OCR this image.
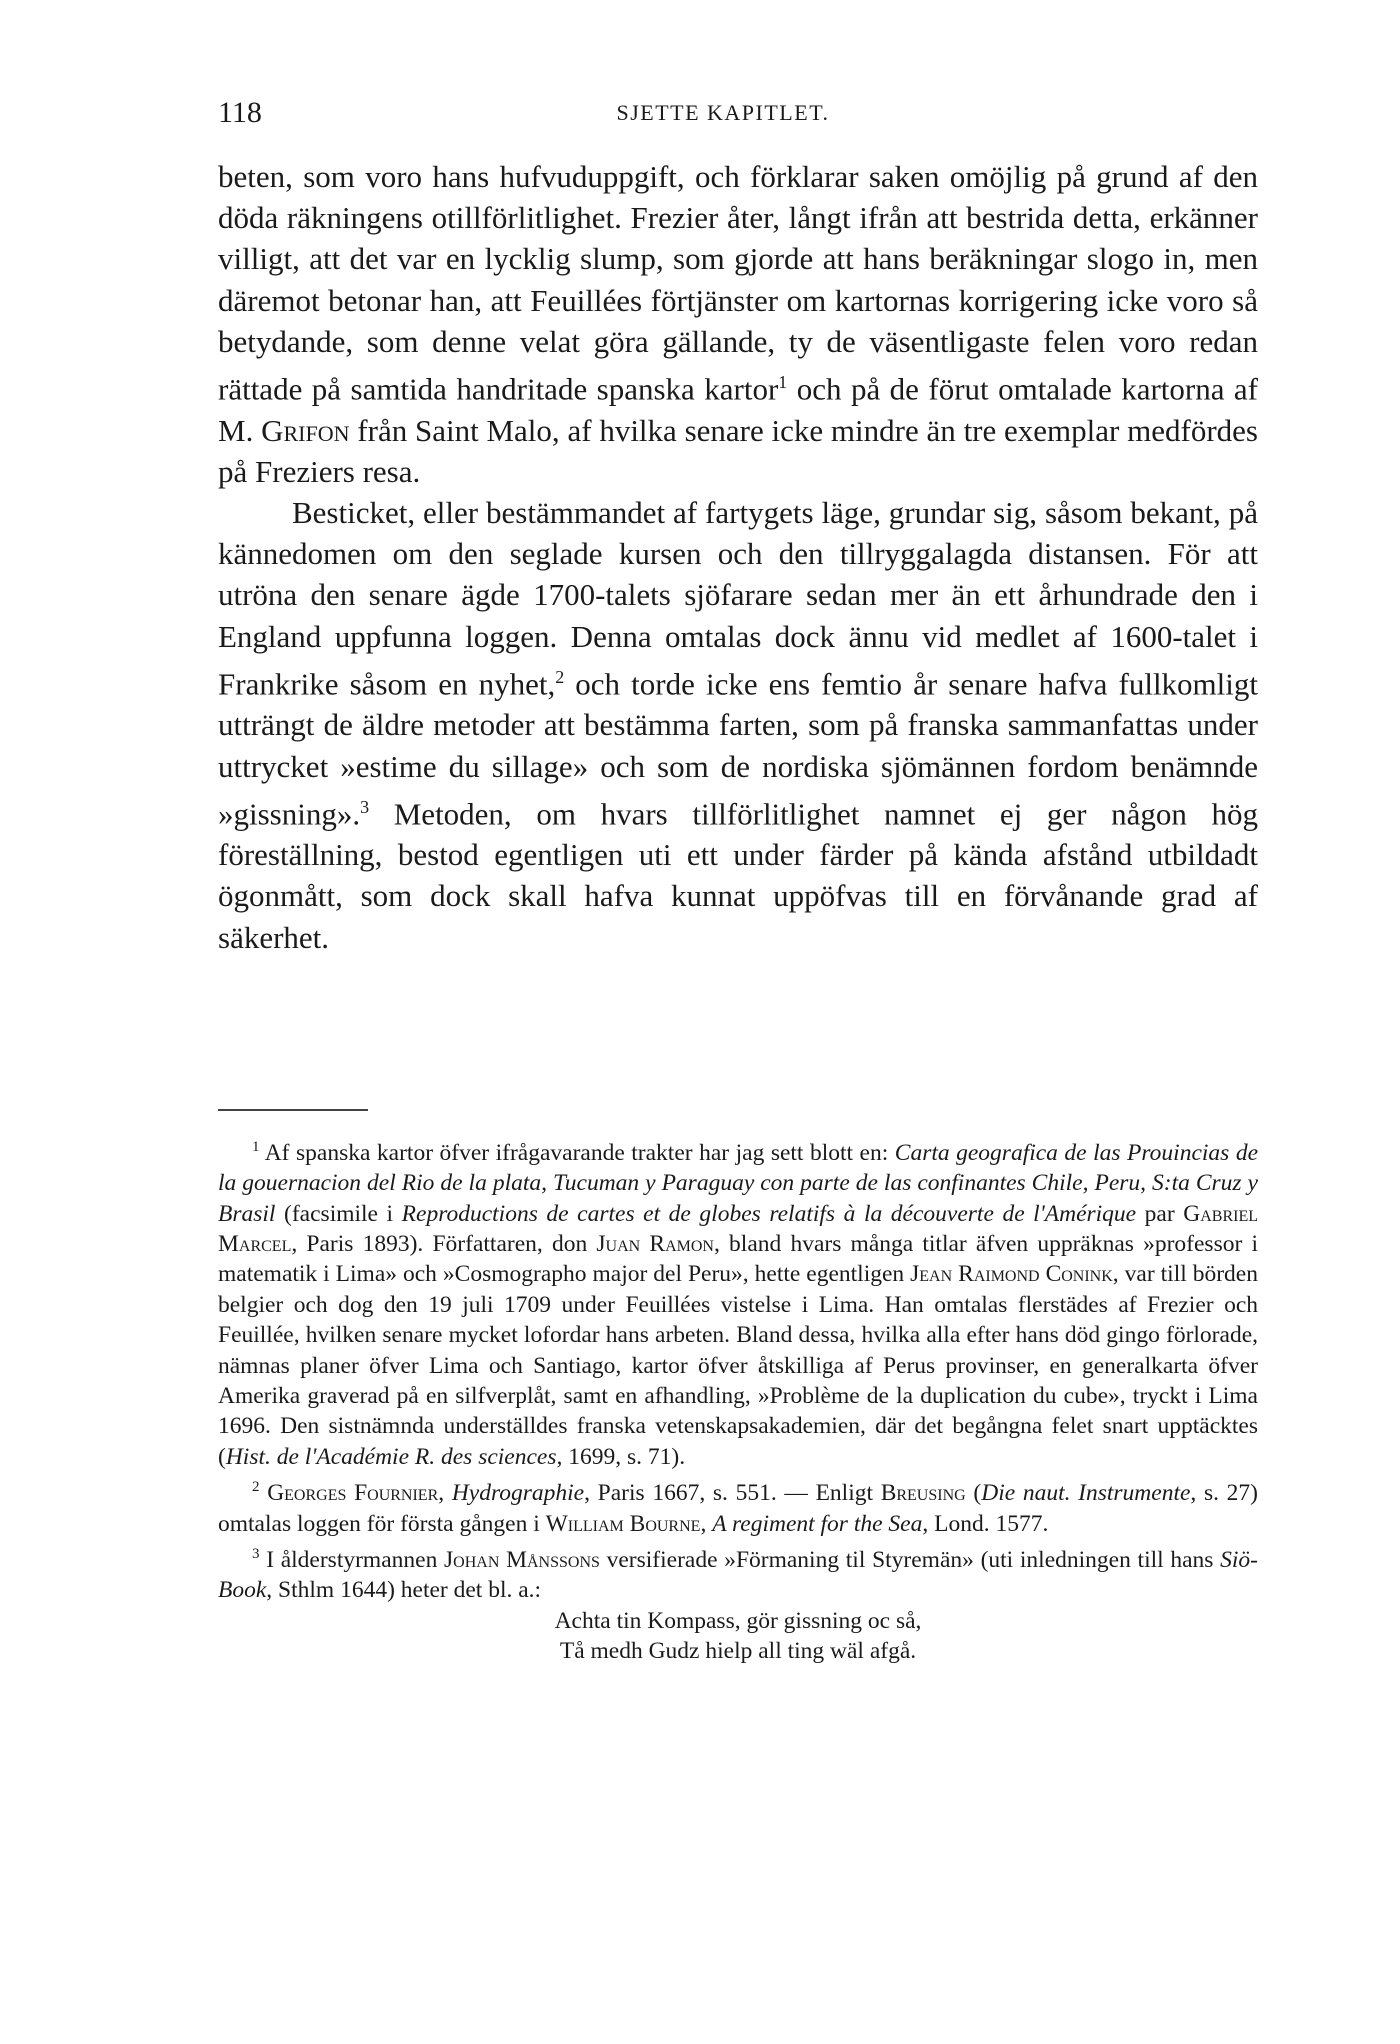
118	SJETTE KAPITLET.

beten, som voro hans hufvuduppgift, och förklarar saken omöjlig på grund af den döda räkningens otillförlitlighet. Frezier åter, långt ifrån att bestrida detta, erkänner villigt, att det var en lycklig slump, som gjorde att hans beräkningar slogo in, men däremot betonar han, att Feuillées förtjänster om kartornas korrigering icke voro så betydande, som denne velat göra gällande, ty de väsentligaste felen voro redan rättade på samtida handritade spanska kartor$^1$ och på de förut omtalade kartorna af M. Grifon från Saint Malo, af hvilka senare icke mindre än tre exemplar medfördes på Freziers resa.

Besticket, eller bestämmandet af fartygets läge, grundar sig, såsom bekant, på kännedomen om den seglade kursen och den tillryggalagda distansen. För att utröna den senare ägde 1700-talets sjöfarare sedan mer än ett århundrade den i England uppfunna loggen. Denna omtalas dock ännu vid medlet af 1600-talet i Frankrike såsom en nyhet,$^2$ och torde icke ens femtio år senare hafva fullkomligt utträngt de äldre metoder att bestämma farten, som på franska sammanfattas under uttrycket »estime du sillage» och som de nordiska sjömännen fordom benämnde »gissning».$^3$ Metoden, om hvars tillförlitlighet namnet ej ger någon hög föreställning, bestod egentligen uti ett under färder på kända afstånd utbildadt ögonmått, som dock skall hafva kunnat uppöfvas till en förvånande grad af säkerhet.

$^1$ Af spanska kartor öfver ifrågavarande trakter har jag sett blott en: Carta geografica de las Prouincias de la gouernacion del Rio de la plata, Tucuman y Paraguay con parte de las confinantes Chile, Peru, S:ta Cruz y Brasil (facsimile i Reproductions de cartes et de globes relatifs à la découverte de l'Amérique par Gabriel Marcel, Paris 1893). Författaren, don Juan Ramon, bland hvars många titlar äfven uppräknas »professor i matematik i Lima» och »Cosmographo major del Peru», hette egentligen Jean Raimond Conink, var till börden belgier och dog den 19 juli 1709 under Feuillées vistelse i Lima. Han omtalas flerstädes af Frezier och Feuillée, hvilken senare mycket lofordar hans arbeten. Bland dessa, hvilka alla efter hans död gingo förlorade, nämnas planer öfver Lima och Santiago, kartor öfver åtskilliga af Perus provinser, en generalkarta öfver Amerika graverad på en silfverplåt, samt en afhandling, »Problème de la duplication du cube», tryckt i Lima 1696. Den sistnämnda underställdes franska vetenskapsakademien, där det begångna felet snart upptäcktes (Hist. de l'Académie R. des sciences, 1699, s. 71).

$^2$ Georges Fournier, Hydrographie, Paris 1667, s. 551. — Enligt Breusing (Die naut. Instrumente, s. 27) omtalas loggen för första gången i William Bourne, A regiment for the Sea, Lond. 1577.

$^3$ I ålderstyrmannen Johan Månssons versifierade »Förmaning til Styremän» (uti inledningen till hans Siö-Book, Sthlm 1644) heter det bl. a.:

Achta tin Kompass, gör gissning oc så,
Tå medh Gudz hielp all ting wäl afgå.
